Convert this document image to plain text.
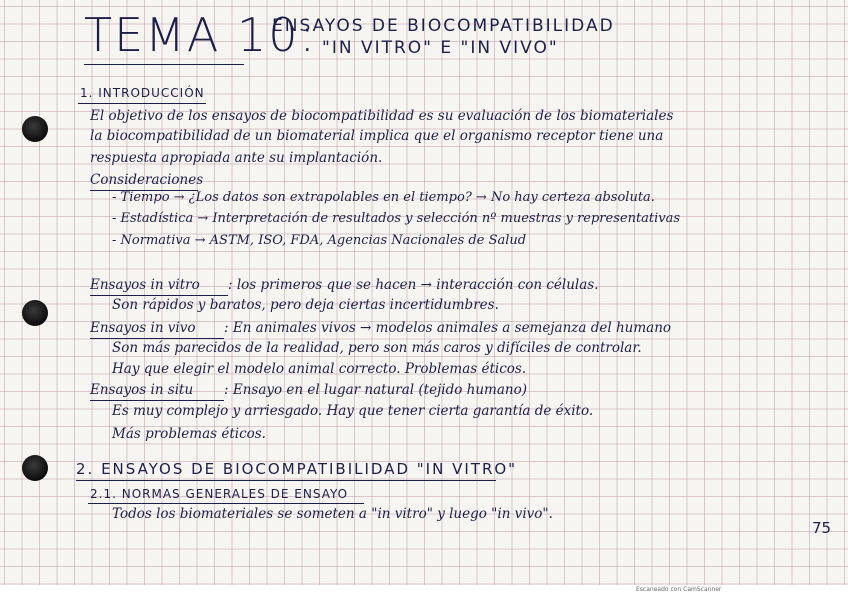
TEMA 10:
ENSAYOS DE BIOCOMPATIBILIDAD
"IN VITRO" E "IN VIVO"
1. INTRODUCCIÓN
El objetivo de los ensayos de biocompatibilidad es su evaluación de los biomateriales
la biocompatibilidad de un biomaterial implica que el organismo receptor tiene una
respuesta apropiada ante su implantación.
Consideraciones
- Tiempo → ¿Los datos son extrapolables en el tiempo? → No hay certeza absoluta.
- Estadística → Interpretación de resultados y selección nº muestras y representativas
- Normativa → ASTM, ISO, FDA, Agencias Nacionales de Salud
Ensayos in vitro : los primeros que se hacen → interacción con células.
Son rápidos y baratos, pero deja ciertas incertidumbres.
Ensayos in vivo : En animales vivos → modelos animales a semejanza del humano
Son más parecidos de la realidad, pero son más caros y difíciles de controlar.
Hay que elegir el modelo animal correcto. Problemas éticos.
Ensayos in situ : Ensayo en el lugar natural (tejido humano)
Es muy complejo y arriesgado. Hay que tener cierta garantía de éxito.
Más problemas éticos.
2. ENSAYOS DE BIOCOMPATIBILIDAD "IN VITRO"
2.1. NORMAS GENERALES DE ENSAYO
Todos los biomateriales se someten a "in vitro" y luego "in vivo".
75
Escaneado con CamScanner
